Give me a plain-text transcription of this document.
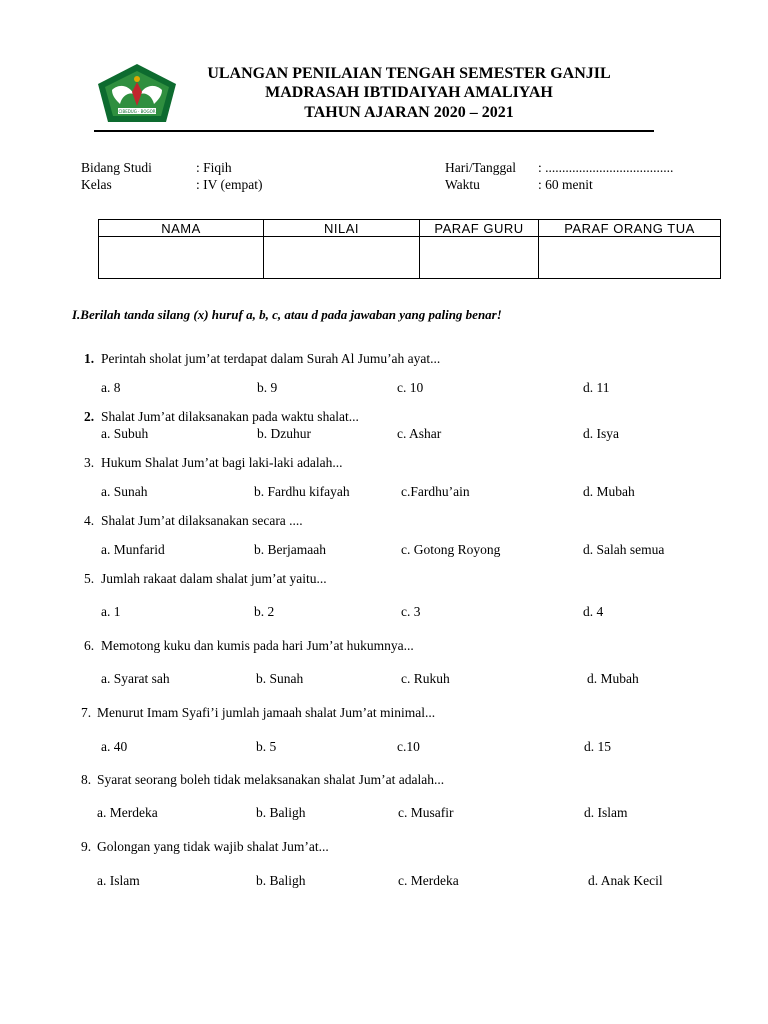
CIBEDUG · BOGOR
ULANGAN PENILAIAN TENGAH SEMESTER GANJIL
MADRASAH IBTIDAIYAH AMALIYAH
TAHUN AJARAN 2020 – 2021
Bidang Studi	: Fiqih
Kelas	: IV (empat)
Hari/Tanggal : ......................................
Waktu	: 60 menit
NAMA	NILAI	PARAF GURU	PARAF ORANG TUA

I.Berilah tanda silang (x) huruf a, b, c, atau d pada jawaban yang paling benar!
1. Perintah sholat jum’at terdapat dalam Surah Al Jumu’ah ayat...
a. 8	b. 9	c. 10	d. 11
2. Shalat Jum’at dilaksanakan pada waktu shalat...
a. Subuh	b. Dzuhur	c. Ashar	d. Isya
3. Hukum Shalat Jum’at bagi laki-laki adalah...
a. Sunah	b. Fardhu kifayah	c.Fardhu’ain	d. Mubah
4. Shalat Jum’at dilaksanakan secara ....
a. Munfarid	b. Berjamaah	c. Gotong Royong	d. Salah semua
5. Jumlah rakaat dalam shalat jum’at yaitu...
a. 1	b. 2	c. 3	d. 4
6. Memotong kuku dan kumis pada hari Jum’at hukumnya...
a. Syarat sah	b. Sunah	c. Rukuh	d. Mubah
7. Menurut Imam Syafi’i jumlah jamaah shalat Jum’at minimal...
a. 40	b. 5	c.10	d. 15
8. Syarat seorang boleh tidak melaksanakan shalat Jum’at adalah...
a. Merdeka	b. Baligh	c. Musafir	d. Islam
9. Golongan yang tidak wajib shalat Jum’at...
a. Islam	b. Baligh	c. Merdeka	d. Anak Kecil
